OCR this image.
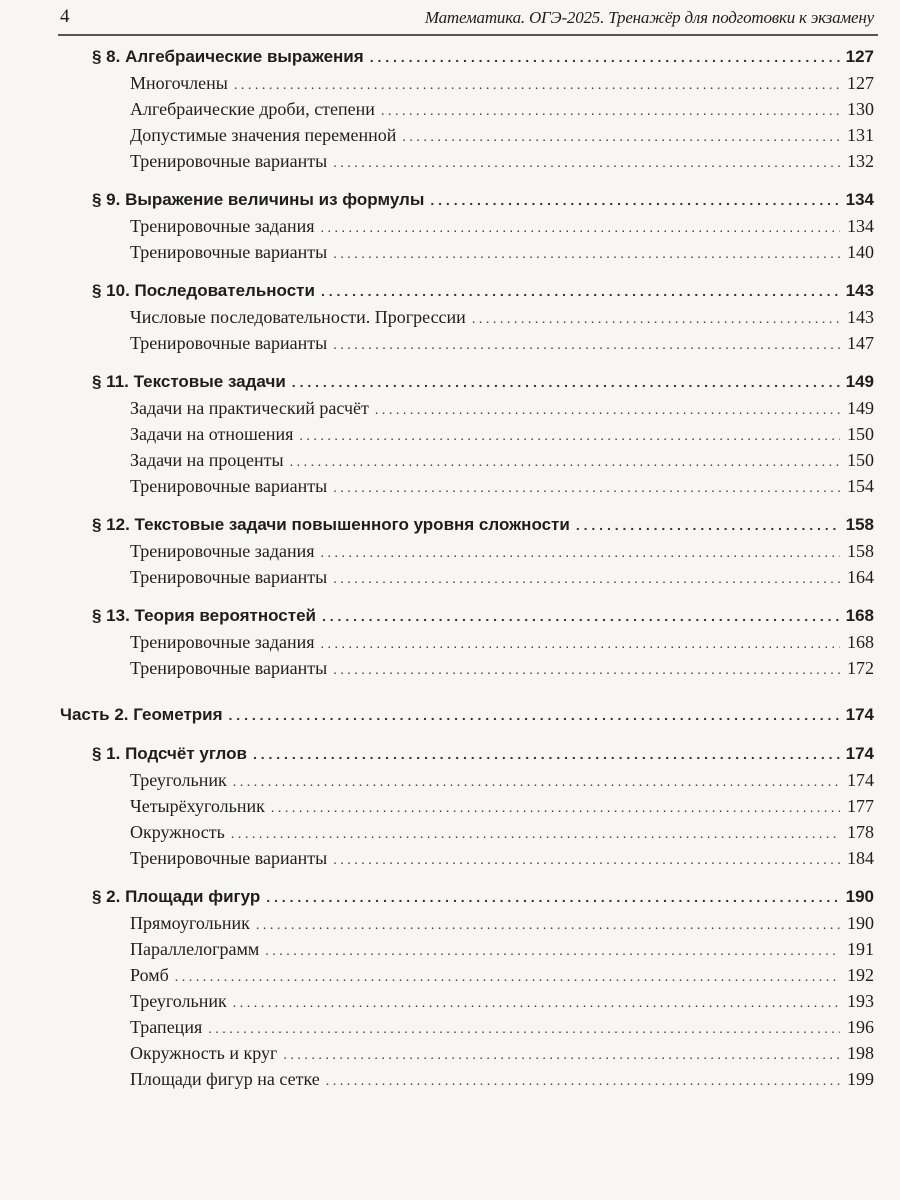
4	Математика. ОГЭ-2025. Тренажёр для подготовки к экзамену
§ 8. Алгебраические выражения . . .	127
Многочлены . . .	127
Алгебраические дроби, степени . . .	130
Допустимые значения переменной . . .	131
Тренировочные варианты . . .	132
§ 9. Выражение величины из формулы . . .	134
Тренировочные задания . . .	134
Тренировочные варианты . . .	140
§ 10. Последовательности . . .	143
Числовые последовательности. Прогрессии . . .	143
Тренировочные варианты . . .	147
§ 11. Текстовые задачи . . .	149
Задачи на практический расчёт . . .	149
Задачи на отношения . . .	150
Задачи на проценты . . .	150
Тренировочные варианты . . .	154
§ 12. Текстовые задачи повышенного уровня сложности . . .	158
Тренировочные задания . . .	158
Тренировочные варианты . . .	164
§ 13. Теория вероятностей . . .	168
Тренировочные задания . . .	168
Тренировочные варианты . . .	172
Часть 2. Геометрия . . .	174
§ 1. Подсчёт углов . . .	174
Треугольник . . .	174
Четырёхугольник . . .	177
Окружность . . .	178
Тренировочные варианты . . .	184
§ 2. Площади фигур . . .	190
Прямоугольник . . .	190
Параллелограмм . . .	191
Ромб . . .	192
Треугольник . . .	193
Трапеция . . .	196
Окружность и круг . . .	198
Площади фигур на сетке . . .	199
